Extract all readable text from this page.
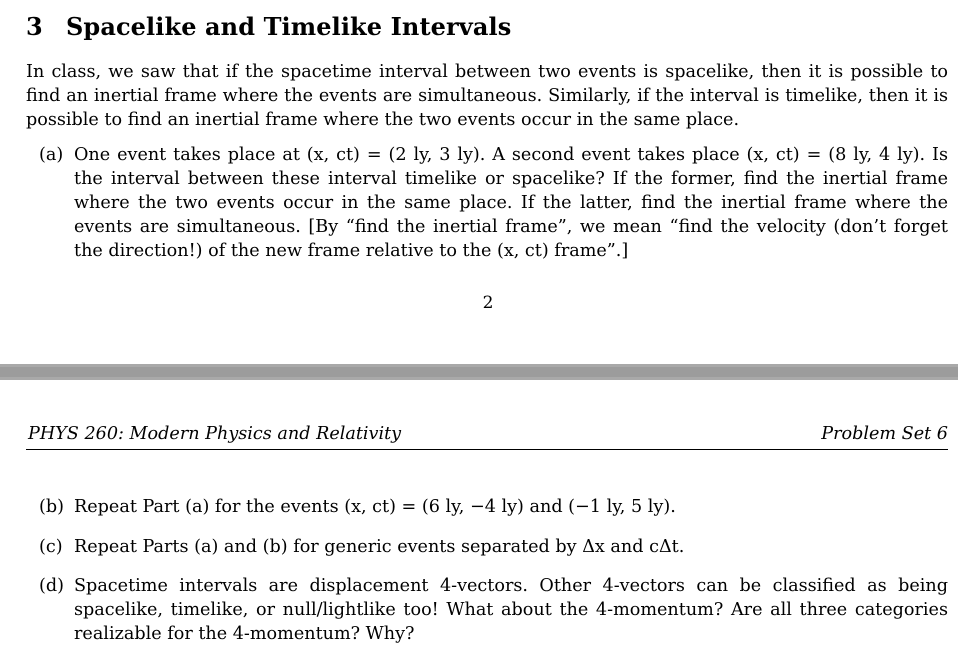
3 Spacelike and Timelike Intervals
In class, we saw that if the spacetime interval between two events is spacelike, then it is possible to find an inertial frame where the events are simultaneous. Similarly, if the interval is timelike, then it is possible to find an inertial frame where the two events occur in the same place.
(a) One event takes place at (x, ct) = (2 ly, 3 ly). A second event takes place (x, ct) = (8 ly, 4 ly). Is the interval between these interval timelike or spacelike? If the former, find the inertial frame where the two events occur in the same place. If the latter, find the inertial frame where the events are simultaneous. [By “find the inertial frame”, we mean “find the velocity (don’t forget the direction!) of the new frame relative to the (x, ct) frame”.]
2
PHYS 260: Modern Physics and Relativity	Problem Set 6
(b) Repeat Part (a) for the events (x, ct) = (6 ly, −4 ly) and (−1 ly, 5 ly).
(c) Repeat Parts (a) and (b) for generic events separated by Δx and cΔt.
(d) Spacetime intervals are displacement 4-vectors. Other 4-vectors can be classified as being spacelike, timelike, or null/lightlike too! What about the 4-momentum? Are all three categories realizable for the 4-momentum? Why?
